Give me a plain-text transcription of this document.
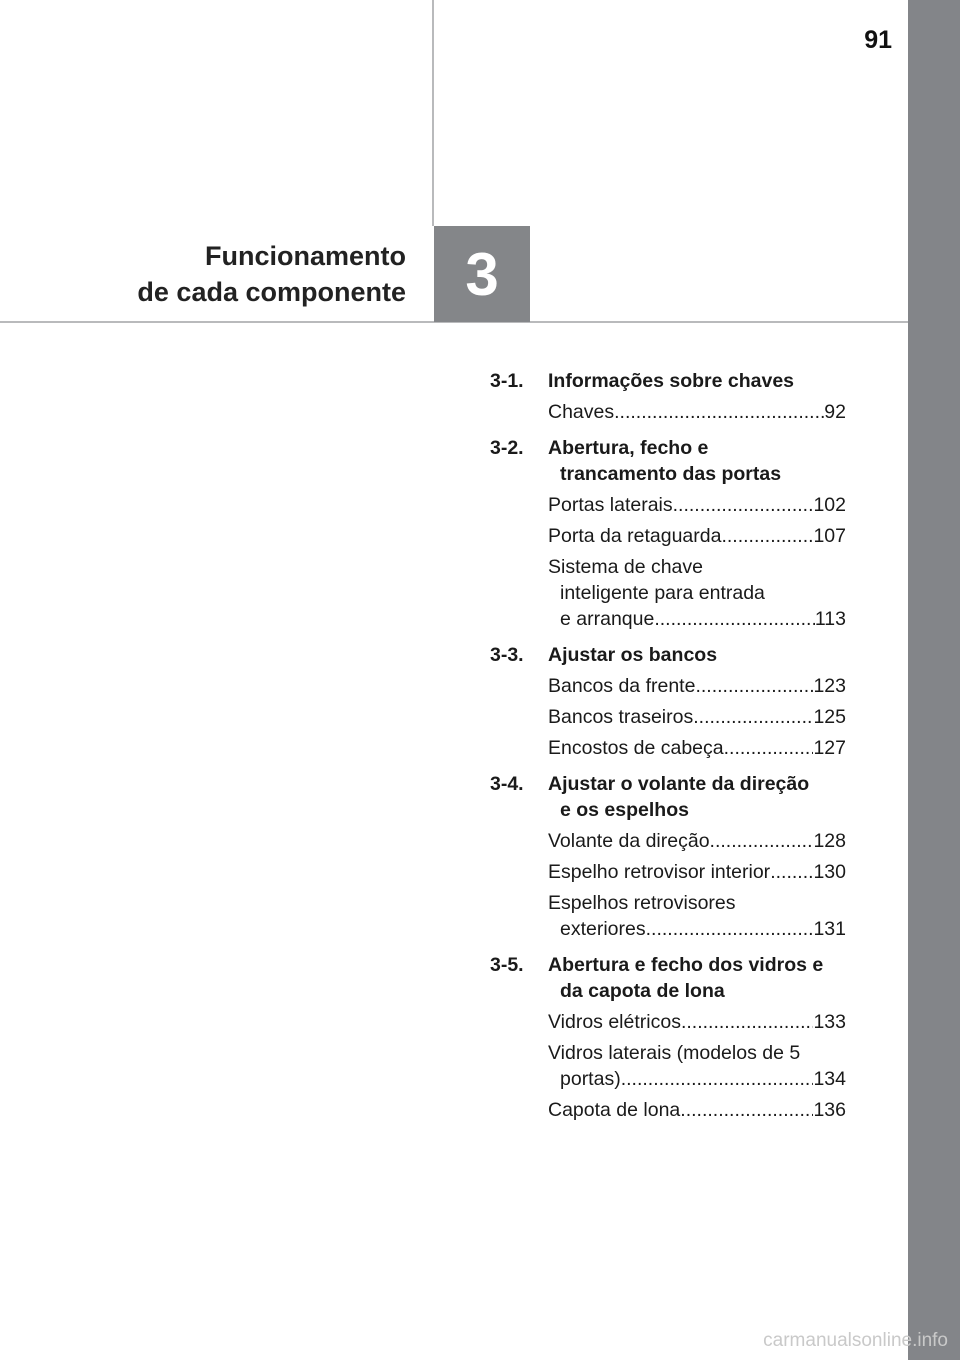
91
3
Funcionamento
de cada componente
3-1.	Informações sobre chaves
Chaves .....	92
3-2.	Abertura, fecho e
trancamento das portas
Portas laterais .....	102
Porta da retaguarda .....	107
Sistema de chave
inteligente para entrada
e arranque .....	113
3-3.	Ajustar os bancos
Bancos da frente .....	123
Bancos traseiros .....	125
Encostos de cabeça .....	127
3-4.	Ajustar o volante da direção
e os espelhos
Volante da direção .....	128
Espelho retrovisor interior ..... 130
Espelhos retrovisores
exteriores .....	131
3-5.	Abertura e fecho dos vidros e
da capota de lona
Vidros elétricos .....	133
Vidros laterais (modelos de 5
portas) .....	134
Capota de lona .....	136
carmanualsonline.info
